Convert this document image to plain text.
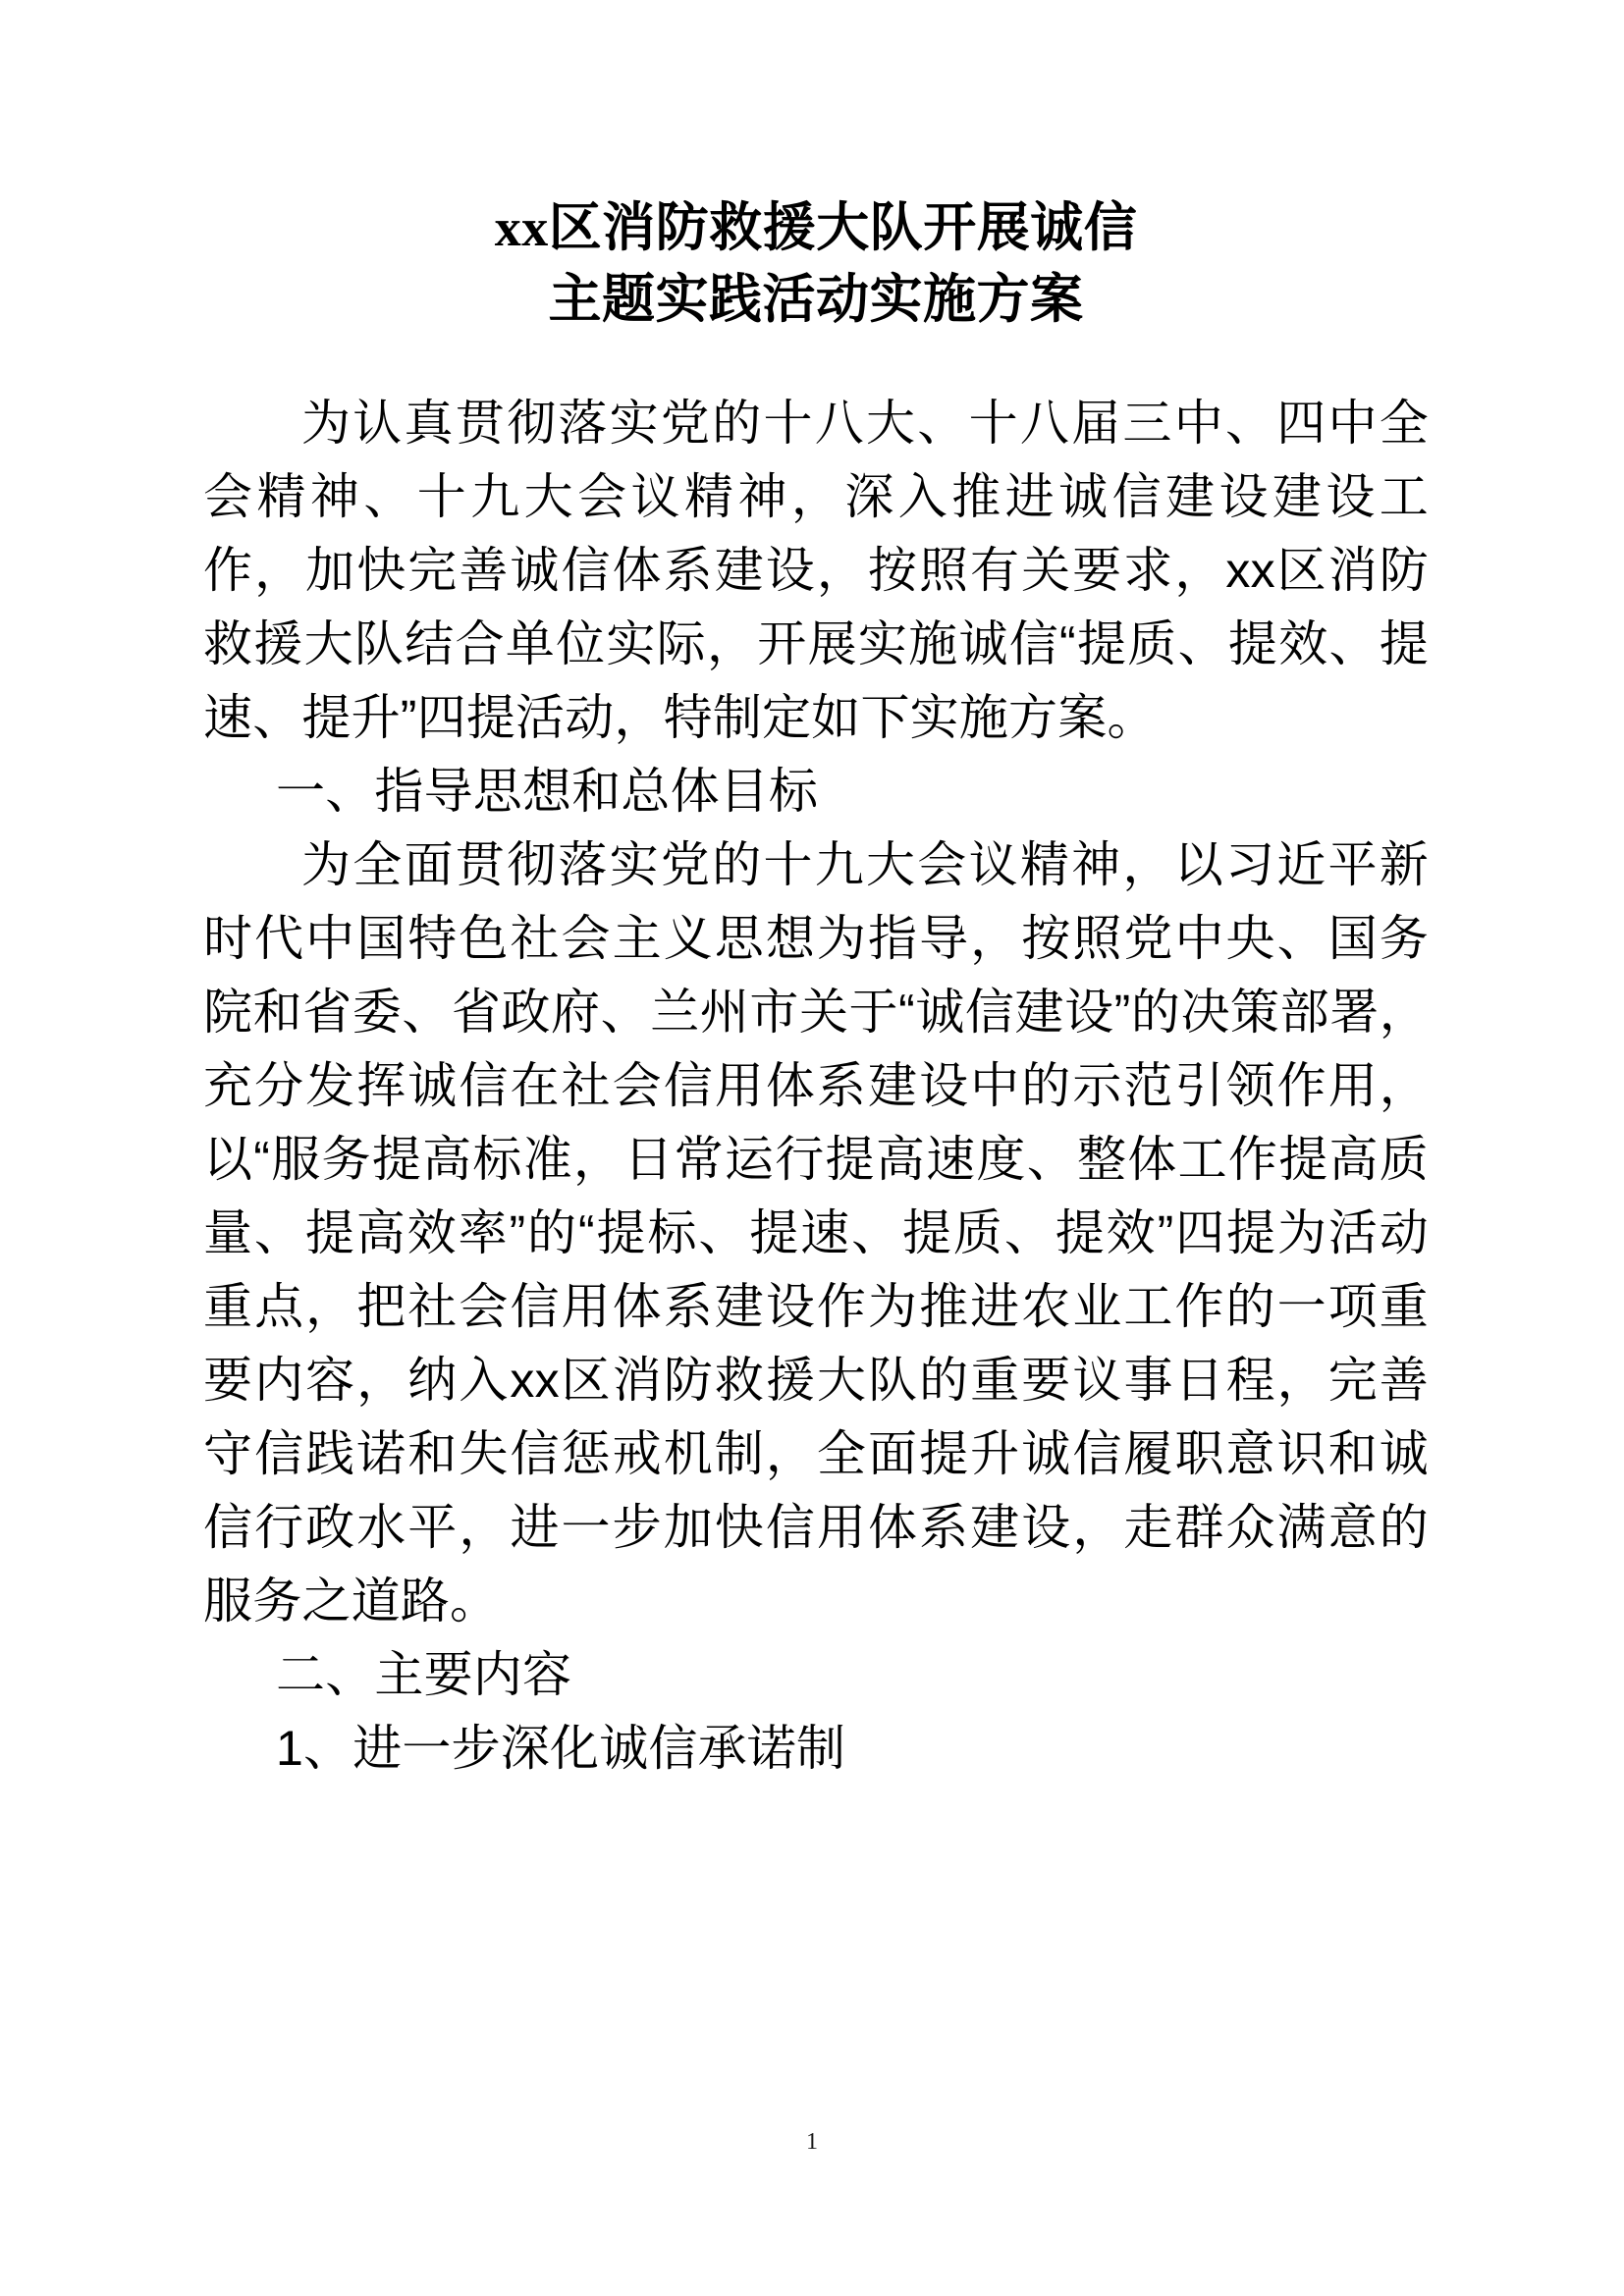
xx区消防救援大队开展诚信
主题实践活动实施方案

为认真贯彻落实党的十八大、十八届三中、四中全会精神、十九大会议精神，深入推进诚信建设建设工作，加快完善诚信体系建设，按照有关要求，xx区消防救援大队结合单位实际，开展实施诚信“提质、提效、提速、提升”四提活动，特制定如下实施方案。

一、指导思想和总体目标

为全面贯彻落实党的十九大会议精神，以习近平新时代中国特色社会主义思想为指导，按照党中央、国务院和省委、省政府、兰州市关于“诚信建设”的决策部署，充分发挥诚信在社会信用体系建设中的示范引领作用，以“服务提高标准，日常运行提高速度、整体工作提高质量、提高效率”的“提标、提速、提质、提效”四提为活动重点，把社会信用体系建设作为推进农业工作的一项重要内容，纳入xx区消防救援大队的重要议事日程，完善守信践诺和失信惩戒机制，全面提升诚信履职意识和诚信行政水平，进一步加快信用体系建设，走群众满意的服务之道路。

二、主要内容

1、进一步深化诚信承诺制

1
